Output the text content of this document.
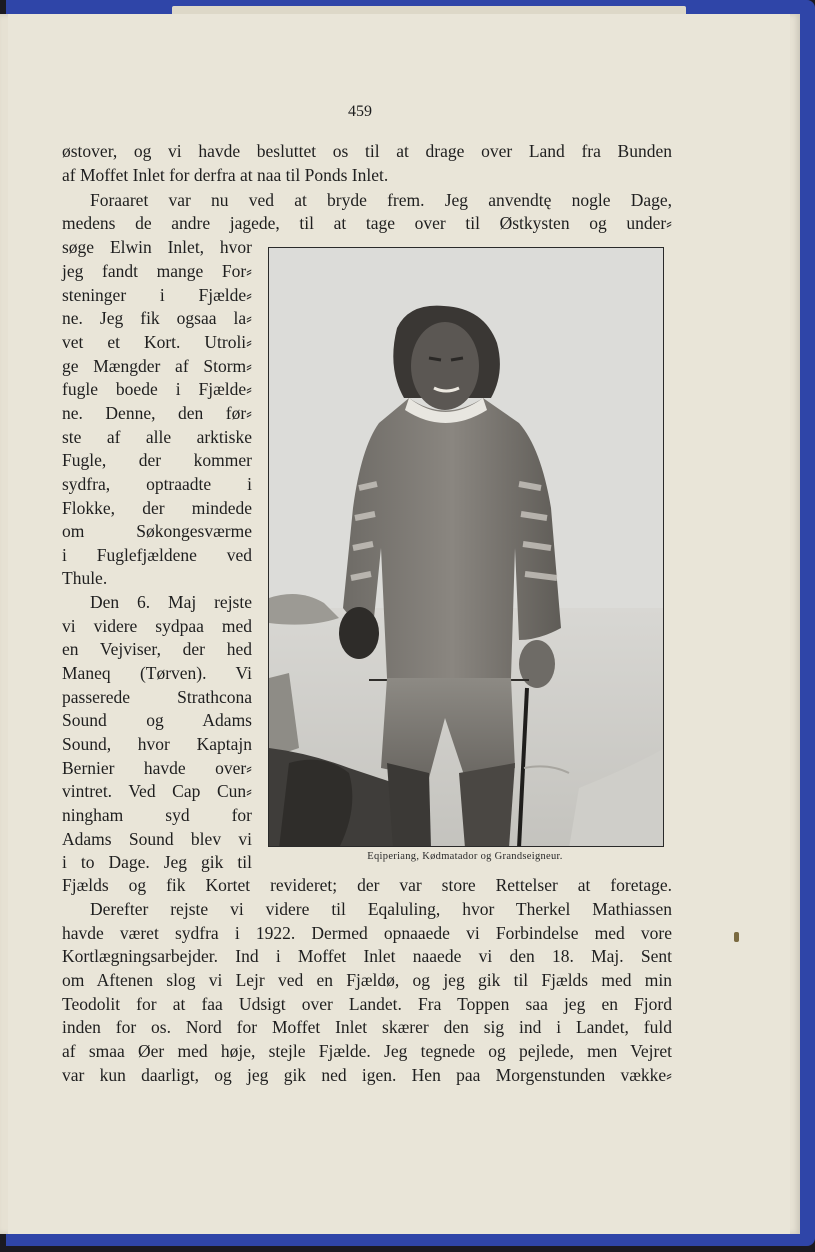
459
østover, og vi havde besluttet os til at drage over Land fra Bunden
af Moffet Inlet for derfra at naa til Ponds Inlet.
Foraaret var nu ved at bryde frem. Jeg anvendtę nogle Dage,
medens de andre jagede, til at tage over til Østkysten og under⸗
søge Elwin Inlet, hvor
jeg fandt mange For⸗
steninger i Fjælde⸗
ne. Jeg fik ogsaa la⸗
vet et Kort. Utroli⸗
ge Mængder af Storm⸗
fugle boede i Fjælde⸗
ne. Denne, den før⸗
ste af alle arktiske
Fugle, der kommer
sydfra, optraadte i
Flokke, der mindede
om Søkongesværme
i Fuglefjældene ved
Thule.
Den 6. Maj rejste
vi videre sydpaa med
en Vejviser, der hed
Maneq (Tørven). Vi
passerede Strathcona
Sound og Adams
Sound, hvor Kaptajn
Bernier havde over⸗
vintret. Ved Cap Cun⸗
ningham syd for
Adams Sound blev vi
i to Dage. Jeg gik til	Eqiperiang, Kødmatador og Grandseigneur.
Fjælds og fik Kortet revideret; der var store Rettelser at foretage.
Derefter rejste vi videre til Eqaluling, hvor Therkel Mathiassen
havde været sydfra i 1922. Dermed opnaaede vi Forbindelse med vore
Kortlægningsarbejder. Ind i Moffet Inlet naaede vi den 18. Maj. Sent
om Aftenen slog vi Lejr ved en Fjældø, og jeg gik til Fjælds med min
Teodolit for at faa Udsigt over Landet. Fra Toppen saa jeg en Fjord
inden for os. Nord for Moffet Inlet skærer den sig ind i Landet, fuld
af smaa Øer med høje, stejle Fjælde. Jeg tegnede og pejlede, men Vejret
var kun daarligt, og jeg gik ned igen. Hen paa Morgenstunden vække⸗
